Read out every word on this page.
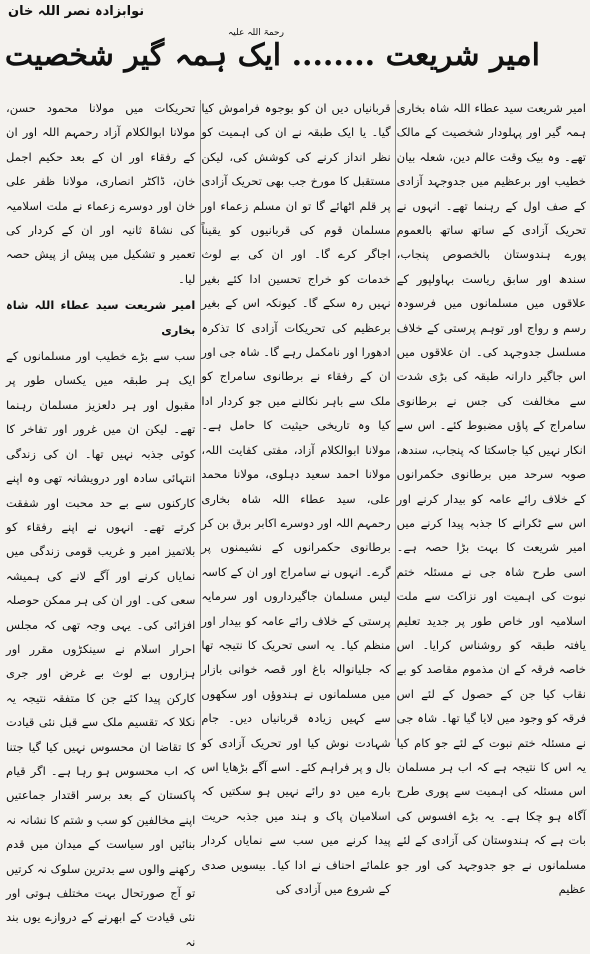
نوابزادہ نصر اللہ خان
رحمۃ اللہ علیہ
امیر شریعت ........ ایک ہمہ گیر شخصیت

امیر شریعت سید عطاء اللہ شاہ بخاری ہمہ گیر اور پہلودار شخصیت کے مالک تھے۔ وہ بیک وقت عالم دین، شعلہ بیان خطیب اور برعظیم میں جدوجہد آزادی کے صف اول کے رہنما تھے۔ انہوں نے تحریک آزادی کے ساتھ ساتھ بالعموم پورے ہندوستان بالخصوص پنجاب، سندھ اور سابق ریاست بہاولپور کے علاقوں میں مسلمانوں میں فرسودہ رسم و رواج اور توہم پرستی کے خلاف مسلسل جدوجہد کی۔ ان علاقوں میں اس جاگیر دارانہ طبقہ کی بڑی شدت سے مخالفت کی جس نے برطانوی سامراج کے پاؤں مضبوط کئے۔ اس سے انکار نہیں کیا جاسکتا کہ پنجاب، سندھ، صوبہ سرحد میں برطانوی حکمرانوں کے خلاف رائے عامہ کو بیدار کرنے اور اس سے ٹکرانے کا جذبہ پیدا کرنے میں امیر شریعت کا بہت بڑا حصہ ہے۔ اسی طرح شاہ جی نے مسئلہ ختم نبوت کی اہمیت اور نزاکت سے ملت اسلامیہ اور خاص طور پر جدید تعلیم یافتہ طبقہ کو روشناس کرایا۔ اس خاصہ فرقہ کے ان مذموم مقاصد کو بے نقاب کیا جن کے حصول کے لئے اس فرقہ کو وجود میں لایا گیا تھا۔ شاہ جی نے مسئلہ ختم نبوت کے لئے جو کام کیا یہ اس کا نتیجہ ہے کہ اب ہر مسلمان اس مسئلہ کی اہمیت سے پوری طرح آگاہ ہو چکا ہے۔ یہ بڑے افسوس کی بات ہے کہ ہندوستان کی آزادی کے لئے مسلمانوں نے جو جدوجہد کی اور جو عظیم

قربانیاں دیں ان کو بوجوہ فراموش کیا گیا۔ یا ایک طبقہ نے ان کی اہمیت کو نظر انداز کرنے کی کوشش کی، لیکن مستقبل کا مورخ جب بھی تحریک آزادی پر قلم اٹھائے گا تو ان مسلم زعماء اور مسلمان قوم کی قربانیوں کو یقیناً اجاگر کرے گا۔ اور ان کی بے لوث خدمات کو خراج تحسین ادا کئے بغیر نہیں رہ سکے گا۔ کیونکہ اس کے بغیر برعظیم کی تحریکات آزادی کا تذکرہ ادھورا اور نامکمل رہے گا۔ شاہ جی اور ان کے رفقاء نے برطانوی سامراج کو ملک سے باہر نکالنے میں جو کردار ادا کیا وہ تاریخی حیثیت کا حامل ہے۔ مولانا ابوالکلام آزاد، مفتی کفایت اللہ، مولانا احمد سعید دہلوی، مولانا محمد علی، سید عطاء اللہ شاہ بخاری رحمہم اللہ اور دوسرے اکابر برق بن کر برطانوی حکمرانوں کے نشیمنوں پر گرے۔ انہوں نے سامراج اور ان کے کاسہ لیس مسلمان جاگیرداروں اور سرمایہ پرستی کے خلاف رائے عامہ کو بیدار اور منظم کیا۔ یہ اسی تحریک کا نتیجہ تھا کہ جلیانوالہ باغ اور قصہ خوانی بازار میں مسلمانوں نے ہندوؤں اور سکھوں سے کہیں زیادہ قربانیاں دیں۔ جام شہادت نوش کیا اور تحریک آزادی کو بال و پر فراہم کئے۔ اسے آگے بڑھایا اس بارے میں دو رائے نہیں ہو سکتیں کہ اسلامیان پاک و ہند میں جذبہ حریت پیدا کرنے میں سب سے نمایاں کردار علمائے احناف نے ادا کیا۔ بیسویں صدی کے شروع میں آزادی کی

تحریکات میں مولانا محمود حسن، مولانا ابوالکلام آزاد رحمہم اللہ اور ان کے رفقاء اور ان کے بعد حکیم اجمل خان، ڈاکٹر انصاری، مولانا ظفر علی خان اور دوسرے زعماء نے ملت اسلامیہ کی نشاۃ ثانیہ اور ان کے کردار کی تعمیر و تشکیل میں پیش از پیش حصہ لیا۔

امیر شریعت سید عطاء اللہ شاہ بخاری

سب سے بڑے خطیب اور مسلمانوں کے ایک ہر طبقہ میں یکساں طور پر مقبول اور ہر دلعزیز مسلمان رہنما تھے۔ لیکن ان میں غرور اور تفاخر کا کوئی جذبہ نہیں تھا۔ ان کی زندگی انتہائی سادہ اور درویشانہ تھی وہ اپنے کارکنوں سے بے حد محبت اور شفقت کرتے تھے۔ انہوں نے اپنے رفقاء کو بلاتمیز امیر و غریب قومی زندگی میں نمایاں کرنے اور آگے لانے کی ہمیشہ سعی کی۔ اور ان کی ہر ممکن حوصلہ افزائی کی۔ یہی وجہ تھی کہ مجلس احرار اسلام نے سینکڑوں مقرر اور ہزاروں بے لوث بے غرض اور جری کارکن پیدا کئے جن کا متفقہ نتیجہ یہ نکلا کہ تقسیم ملک سے قبل نئی قیادت کا تقاضا ان محسوس نہیں کیا گیا جتنا کہ اب محسوس ہو رہا ہے۔ اگر قیام پاکستان کے بعد برسر اقتدار جماعتیں اپنے مخالفین کو سب و شتم کا نشانہ نہ بنائیں اور سیاست کے میدان میں قدم رکھنے والوں سے بدترین سلوک نہ کرتیں تو آج صورتحال بہت مختلف ہوتی اور نئی قیادت کے ابھرنے کے دروازے یوں بند نہ
